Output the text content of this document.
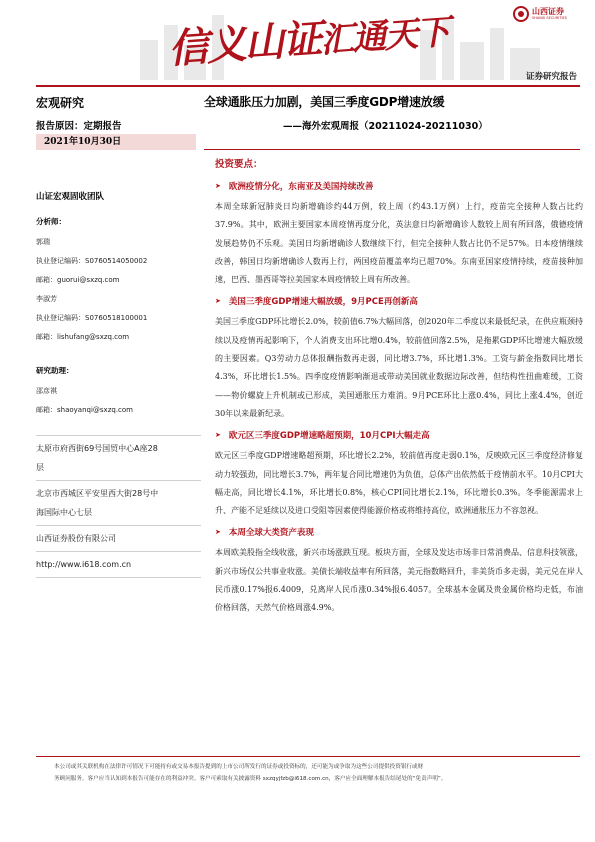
信义山证汇通天下
山西证券
SHANXI SECURITIES
证券研究报告
宏观研究
报告原因：定期报告
2021年10月30日
全球通胀压力加剧，美国三季度GDP增速放缓
——海外宏观周报（20211024-20211030）
山证宏观固收团队
分析师：
郭瑞
执业登记编码：S0760514050002
邮箱：guorui@sxzq.com
李淑芳
执业登记编码：S0760518100001
邮箱：lishufang@sxzq.com
研究助理：
邵彦祺
邮箱：shaoyanqi@sxzq.com
太原市府西街69号国贸中心A座28
层
北京市西城区平安里西大街28号中
海国际中心七层
山西证券股份有限公司
http://www.i618.com.cn
投资要点：
➤ 欧洲疫情分化，东南亚及美国持续改善

本周全球新冠肺炎日均新增确诊约44万例，较上周（约43.1万例）上行，疫苗完全接种人数占比约37.9%。其中，欧洲主要国家本周疫情再度分化，英法意日均新增确诊人数较上周有所回落，俄德疫情发展趋势仍不乐观。美国日均新增确诊人数继续下行，但完全接种人数占比仍不足57%。日本疫情继续改善，韩国日均新增确诊人数再上行，两国疫苗覆盖率均已超70%。东南亚国家疫情持续，疫苗接种加速，巴西、墨西哥等拉美国家本周疫情较上周有所改善。

➤ 美国三季度GDP增速大幅放缓，9月PCE再创新高

美国三季度GDP环比增长2.0%，较前值6.7%大幅回落，创2020年二季度以来最低纪录，在供应瓶颈持续以及疫情再起影响下，个人消费支出环比增0.4%，较前值回落2.5%，是拖累GDP环比增速大幅放缓的主要因素。Q3劳动力总体报酬指数再走弱，同比增3.7%，环比增1.3%。工资与薪金指数同比增长4.3%，环比增长1.5%。四季度疫情影响渐退或带动美国就业数据边际改善，但结构性扭曲难缓，工资——物价螺旋上升机制或已形成，美国通胀压力难消。9月PCE环比上涨0.4%，同比上涨4.4%，创近30年以来最新纪录。

➤ 欧元区三季度GDP增速略超预期，10月CPI大幅走高

欧元区三季度GDP增速略超预期，环比增长2.2%，较前值再度走弱0.1%，反映欧元区三季度经济修复动力较强劲，同比增长3.7%，两年复合同比增速仍为负值，总体产出依然低于疫情前水平。10月CPI大幅走高，同比增长4.1%，环比增长0.8%，核心CPI同比增长2.1%，环比增长0.3%。冬季能源需求上升、产能不足延续以及进口受阻等因素使得能源价格或将维持高位，欧洲通胀压力不容忽视。

➤ 本周全球大类资产表现

本周欧美股指全线收涨，新兴市场涨跌互现。板块方面，全球及发达市场非日常消费品、信息科技领涨，新兴市场仅公共事业收涨。美债长端收益率有所回落，美元指数略回升，非美货币多走弱，美元兑在岸人民币涨0.17%报6.4009，兑离岸人民币涨0.34%报6.4057。全球基本金属及贵金属价格均走低，布油价格回落，天然气价格周涨4.9%。

本公司或其关联机构在法律许可情况下可能持有或交易本报告提到的上市公司所发行的证券或投资标的，还可能为或争取为这些公司提供投资银行或财
务顾问服务。客户应当认知到本报告可能存在的利益冲突。客户可索取有关披露资料 sxzqyjfzb@i618.com.cn，客户应全面理解本报告结尾处的“免责声明”。
